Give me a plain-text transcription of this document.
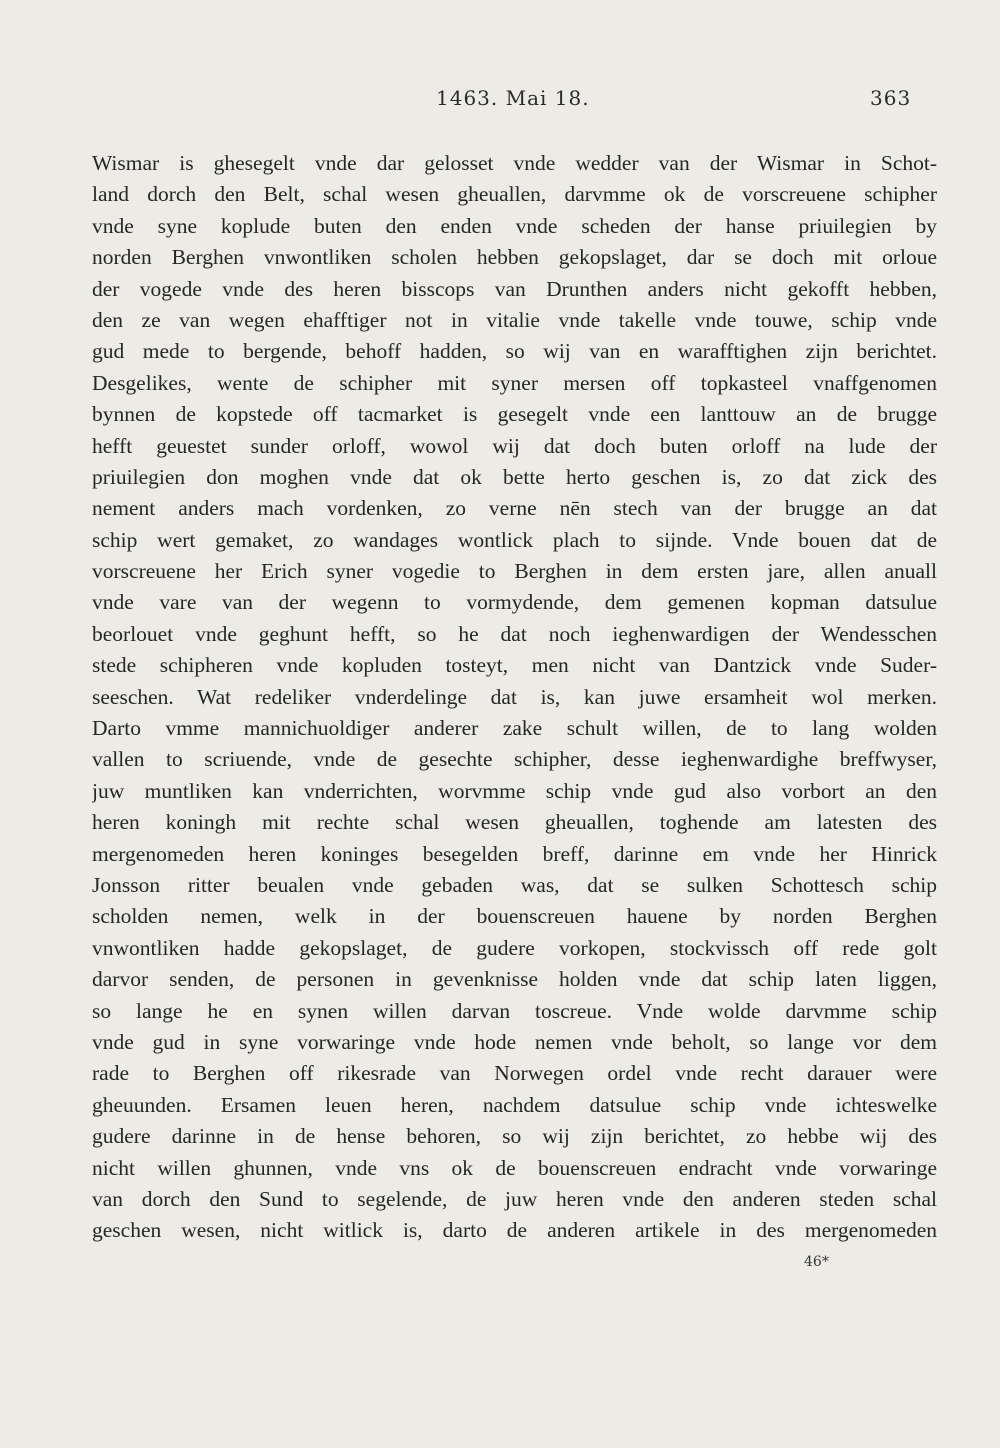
1463. Mai 18.	363
Wismar is ghesegelt vnde dar gelosset vnde wedder van der Wismar in Schot-
land dorch den Belt, schal wesen gheuallen, darvmme ok de vorscreuene schipher
vnde syne koplude buten den enden vnde scheden der hanse priuilegien by
norden Berghen vnwontliken scholen hebben gekopslaget, dar se doch mit orloue
der vogede vnde des heren bisscops van Drunthen anders nicht gekofft hebben,
den ze van wegen ehafftiger not in vitalie vnde takelle vnde touwe, schip vnde
gud mede to bergende, behoff hadden, so wij van en warafftighen zijn berichtet.
Desgelikes, wente de schipher mit syner mersen off topkasteel vnaffgenomen
bynnen de kopstede off tacmarket is gesegelt vnde een lanttouw an de brugge
hefft geuestet sunder orloff, wowol wij dat doch buten orloff na lude der
priuilegien don moghen vnde dat ok bette herto geschen is, zo dat zick des
nement anders mach vordenken, zo verne nēn stech van der brugge an dat
schip wert gemaket, zo wandages wontlick plach to sijnde. Vnde bouen dat de
vorscreuene her Erich syner vogedie to Berghen in dem ersten jare, allen anuall
vnde vare van der wegenn to vormydende, dem gemenen kopman datsulue
beorlouet vnde geghunt hefft, so he dat noch ieghenwardigen der Wendesschen
stede schipheren vnde kopluden tosteyt, men nicht van Dantzick vnde Suder-
seeschen. Wat redeliker vnderdelinge dat is, kan juwe ersamheit wol merken.
Darto vmme mannichuoldiger anderer zake schult willen, de to lang wolden
vallen to scriuende, vnde de gesechte schipher, desse ieghenwardighe breffwyser,
juw muntliken kan vnderrichten, worvmme schip vnde gud also vorbort an den
heren koningh mit rechte schal wesen gheuallen, toghende am latesten des
mergenomeden heren koninges besegelden breff, darinne em vnde her Hinrick
Jonsson ritter beualen vnde gebaden was, dat se sulken Schottesch schip
scholden nemen, welk in der bouenscreuen hauene by norden Berghen
vnwontliken hadde gekopslaget, de gudere vorkopen, stockvissch off rede golt
darvor senden, de personen in gevenknisse holden vnde dat schip laten liggen,
so lange he en synen willen darvan toscreue. Vnde wolde darvmme schip
vnde gud in syne vorwaringe vnde hode nemen vnde beholt, so lange vor dem
rade to Berghen off rikesrade van Norwegen ordel vnde recht darauer were
gheuunden. Ersamen leuen heren, nachdem datsulue schip vnde ichteswelke
gudere darinne in de hense behoren, so wij zijn berichtet, zo hebbe wij des
nicht willen ghunnen, vnde vns ok de bouenscreuen endracht vnde vorwaringe
van dorch den Sund to segelende, de juw heren vnde den anderen steden schal
geschen wesen, nicht witlick is, darto de anderen artikele in des mergenomeden
46*
